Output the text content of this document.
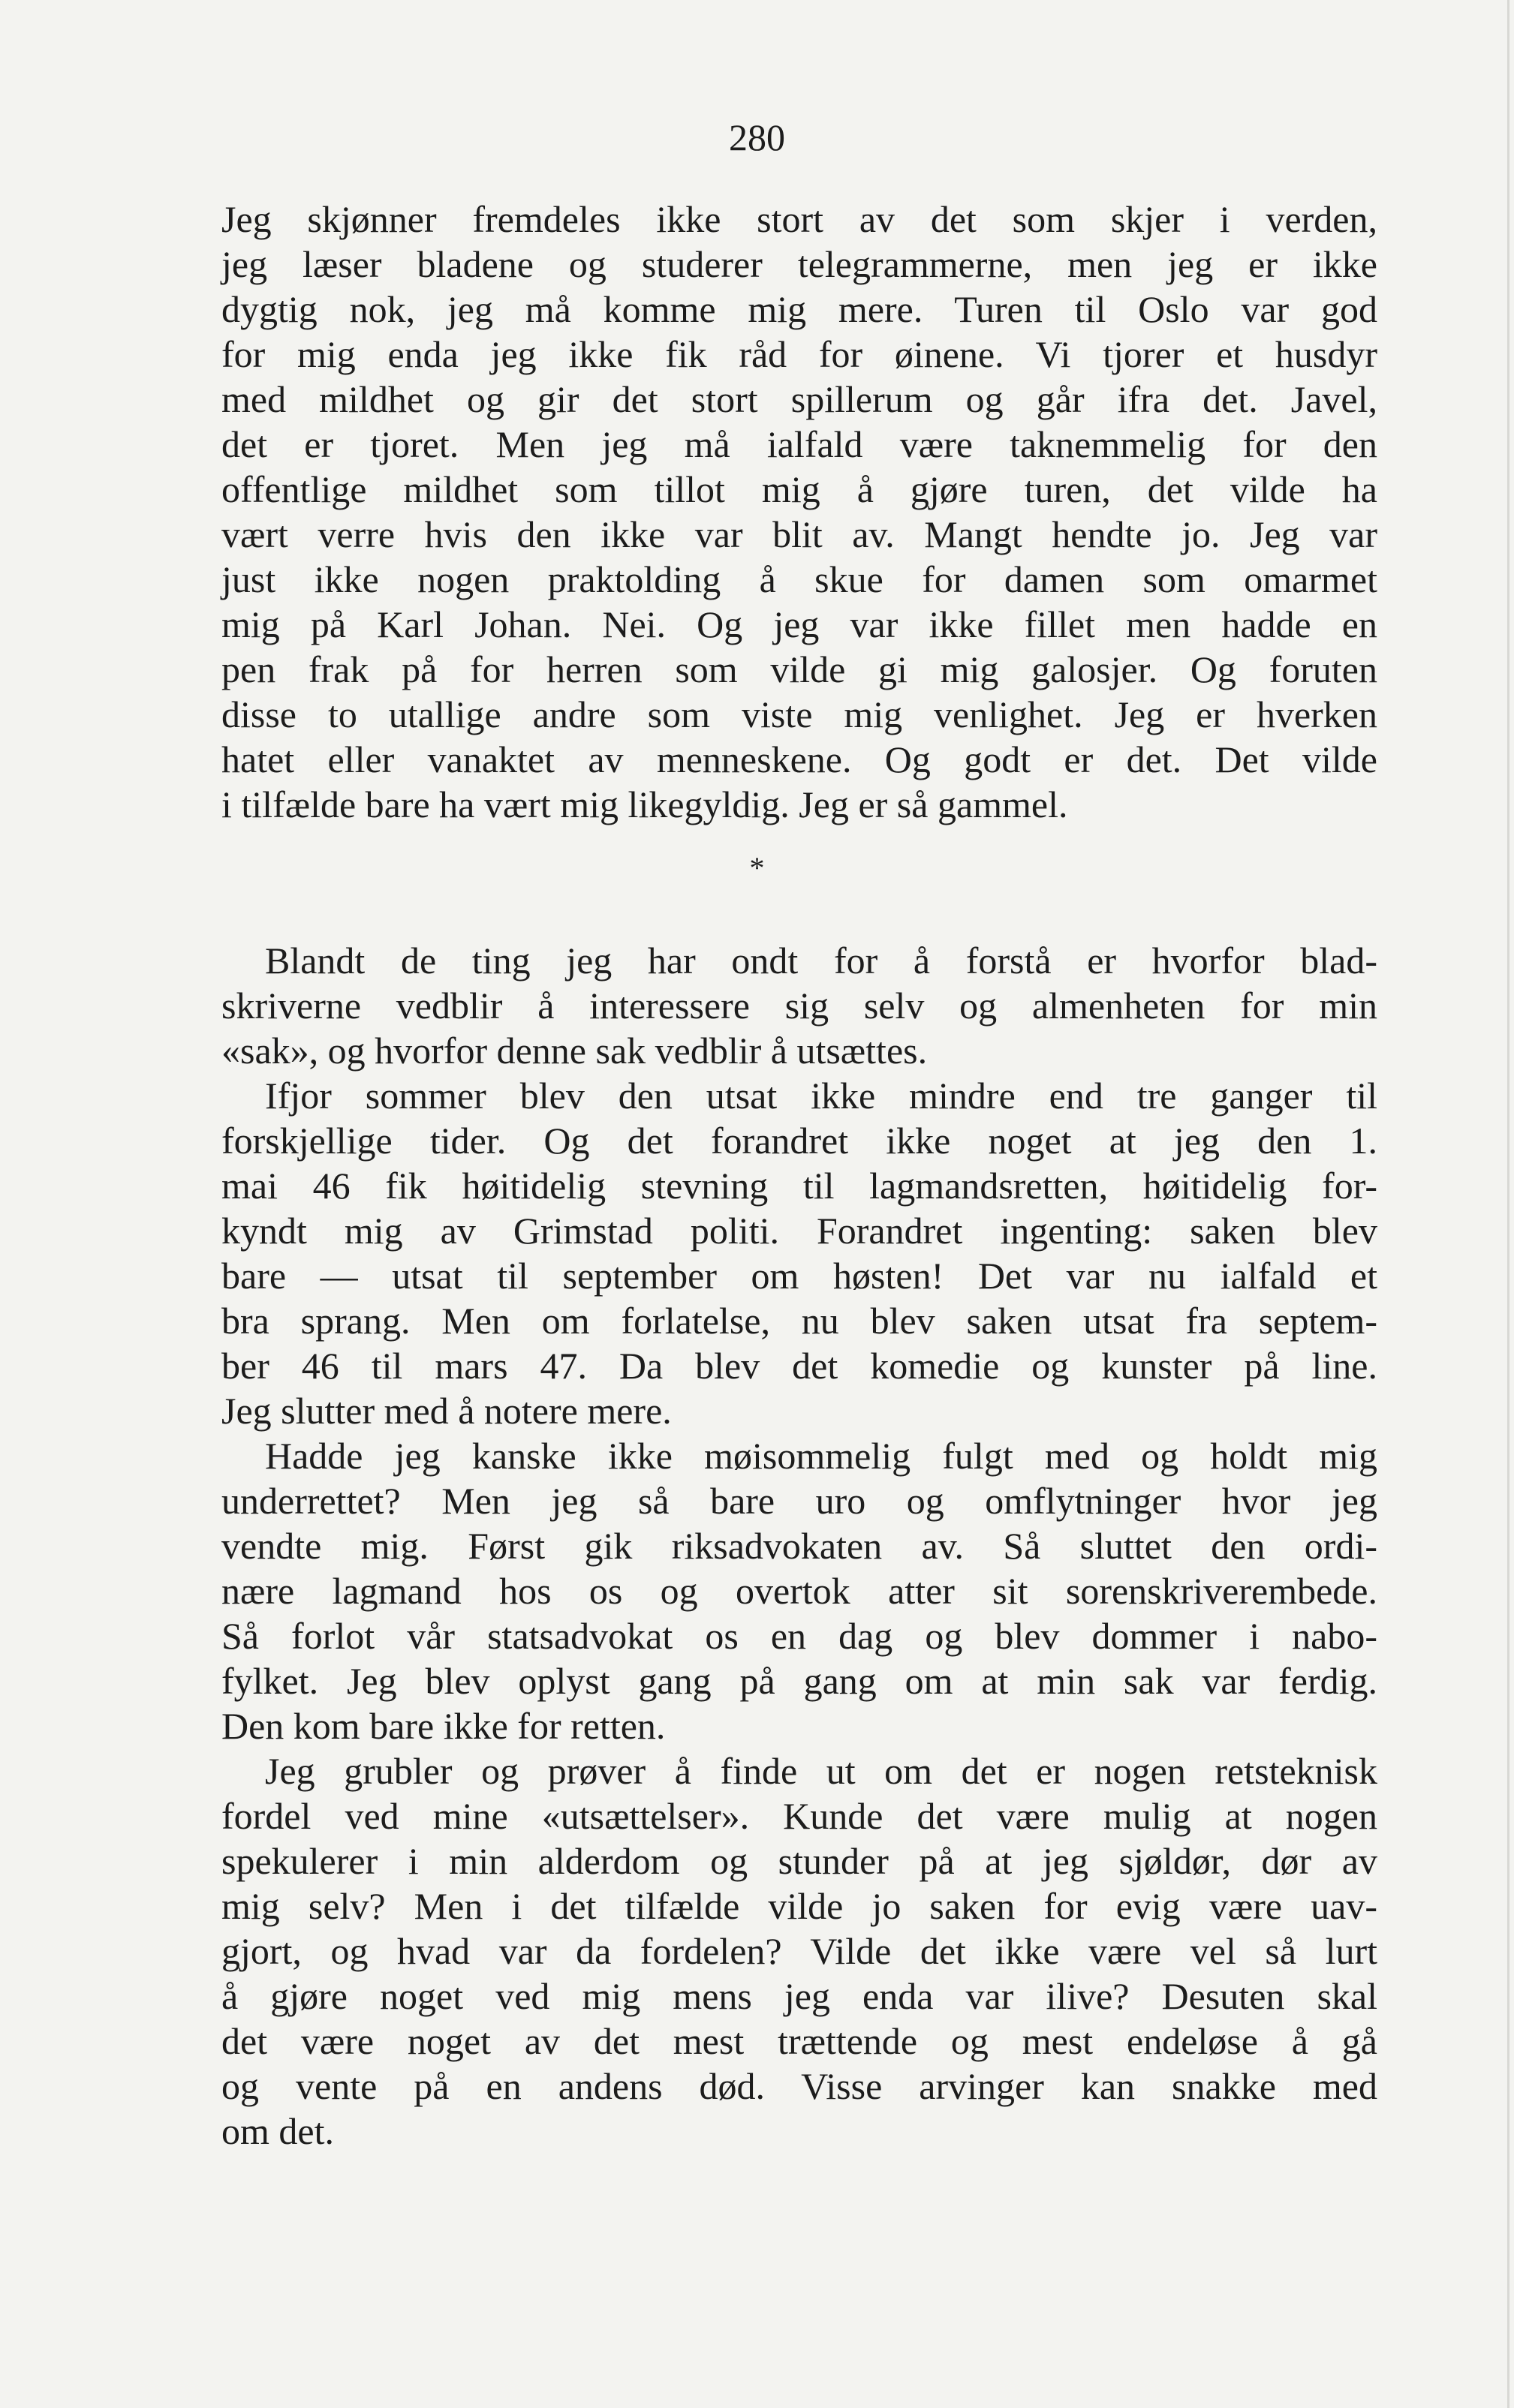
280
Jeg skjønner fremdeles ikke stort av det som skjer i verden,
jeg læser bladene og studerer telegrammerne, men jeg er ikke
dygtig nok, jeg må komme mig mere. Turen til Oslo var god
for mig enda jeg ikke fik råd for øinene. Vi tjorer et husdyr
med mildhet og gir det stort spillerum og går ifra det. Javel,
det er tjoret. Men jeg må ialfald være taknemmelig for den
offentlige mildhet som tillot mig å gjøre turen, det vilde ha
vært verre hvis den ikke var blit av. Mangt hendte jo. Jeg var
just ikke nogen praktolding å skue for damen som omarmet
mig på Karl Johan. Nei. Og jeg var ikke fillet men hadde en
pen frak på for herren som vilde gi mig galosjer. Og foruten
disse to utallige andre som viste mig venlighet. Jeg er hverken
hatet eller vanaktet av menneskene. Og godt er det. Det vilde
i tilfælde bare ha vært mig likegyldig. Jeg er så gammel.
*
Blandt de ting jeg har ondt for å forstå er hvorfor blad-
skriverne vedblir å interessere sig selv og almenheten for min
«sak», og hvorfor denne sak vedblir å utsættes.
Ifjor sommer blev den utsat ikke mindre end tre ganger til
forskjellige tider. Og det forandret ikke noget at jeg den 1.
mai 46 fik høitidelig stevning til lagmandsretten, høitidelig for-
kyndt mig av Grimstad politi. Forandret ingenting: saken blev
bare — utsat til september om høsten! Det var nu ialfald et
bra sprang. Men om forlatelse, nu blev saken utsat fra septem-
ber 46 til mars 47. Da blev det komedie og kunster på line.
Jeg slutter med å notere mere.
Hadde jeg kanske ikke møisommelig fulgt med og holdt mig
underrettet? Men jeg så bare uro og omflytninger hvor jeg
vendte mig. Først gik riksadvokaten av. Så sluttet den ordi-
nære lagmand hos os og overtok atter sit sorenskriverembede.
Så forlot vår statsadvokat os en dag og blev dommer i nabo-
fylket. Jeg blev oplyst gang på gang om at min sak var ferdig.
Den kom bare ikke for retten.
Jeg grubler og prøver å finde ut om det er nogen retsteknisk
fordel ved mine «utsættelser». Kunde det være mulig at nogen
spekulerer i min alderdom og stunder på at jeg sjøldør, dør av
mig selv? Men i det tilfælde vilde jo saken for evig være uav-
gjort, og hvad var da fordelen? Vilde det ikke være vel så lurt
å gjøre noget ved mig mens jeg enda var ilive? Desuten skal
det være noget av det mest trættende og mest endeløse å gå
og vente på en andens død. Visse arvinger kan snakke med
om det.
